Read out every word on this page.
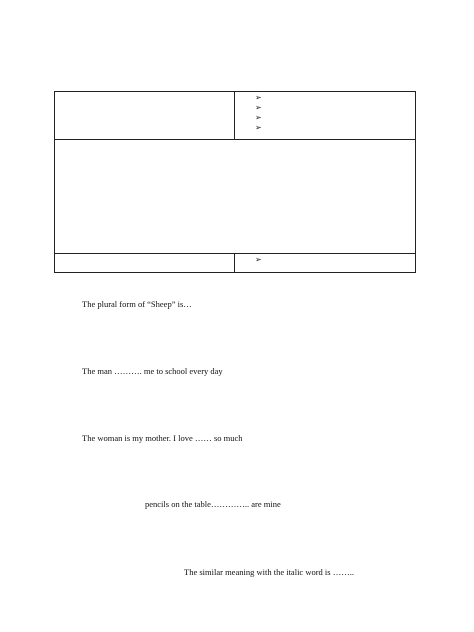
➢
➢
➢
➢
➢
The plural form of “Sheep” is…
The man ………. me to school every day
The woman is my mother. I love …… so much
pencils on the table………….. are mine
The similar meaning with the italic word is ……..
